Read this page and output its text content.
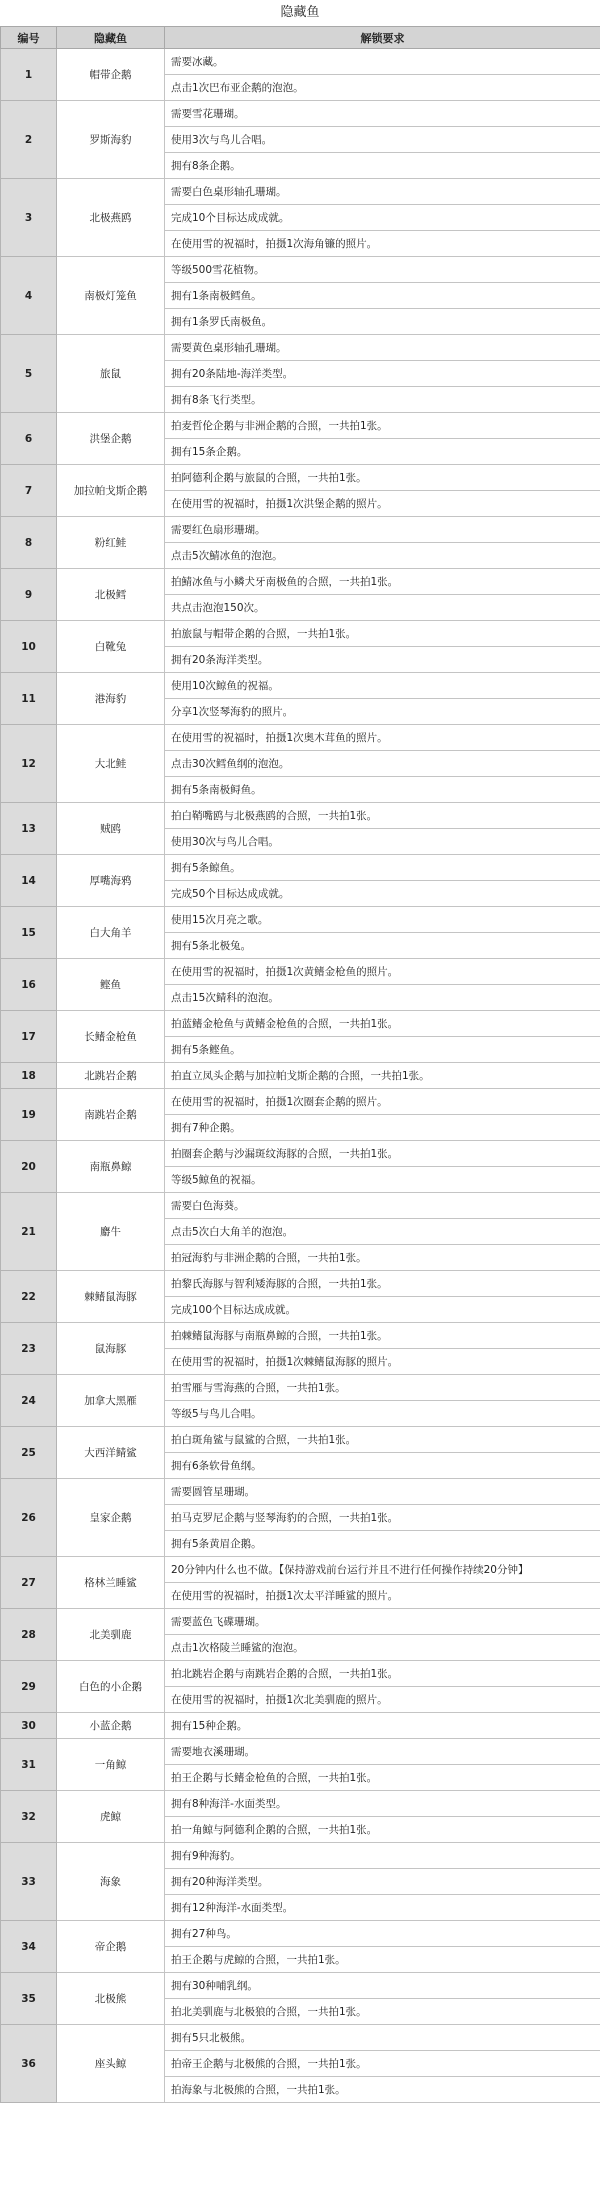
隐藏鱼
编号	隐藏鱼	解锁要求
1	帽带企鹅	需要冰藏。
		点击1次巴布亚企鹅的泡泡。
2	罗斯海豹	需要雪花珊瑚。
		使用3次与鸟儿合唱。
		拥有8条企鹅。
3	北极燕鸥	需要白色桌形轴孔珊瑚。
		完成10个目标达成成就。
		在使用雪的祝福时，拍摄1次海角镰的照片。
4	南极灯笼鱼	等级500雪花植物。
		拥有1条南极鳕鱼。
		拥有1条罗氏南极鱼。
5	旅鼠	需要黄色桌形轴孔珊瑚。
		拥有20条陆地-海洋类型。
		拥有8条飞行类型。
6	洪堡企鹅	拍麦哲伦企鹅与非洲企鹅的合照，一共拍1张。
		拥有15条企鹅。
7	加拉帕戈斯企鹅	拍阿德利企鹅与旅鼠的合照，一共拍1张。
		在使用雪的祝福时，拍摄1次洪堡企鹅的照片。
8	粉红鲑	需要红色扇形珊瑚。
		点击5次鯖冰鱼的泡泡。
9	北极鳕	拍鯖冰鱼与小鳞犬牙南极鱼的合照，一共拍1张。
		共点击泡泡150次。
10	白靴兔	拍旅鼠与帽带企鹅的合照，一共拍1张。
		拥有20条海洋类型。
11	港海豹	使用10次鲸鱼的祝福。
		分享1次竖琴海豹的照片。
12	大北鲑	在使用雪的祝福时，拍摄1次奥木茸鱼的照片。
		点击30次鳕鱼纲的泡泡。
		拥有5条南极鲟鱼。
13	贼鸥	拍白鞘嘴鸥与北极燕鸥的合照，一共拍1张。
		使用30次与鸟儿合唱。
14	厚嘴海鸦	拥有5条鲸鱼。
		完成50个目标达成成就。
15	白大角羊	使用15次月亮之歌。
		拥有5条北极兔。
16	鲣鱼	在使用雪的祝福时，拍摄1次黄鳍金枪鱼的照片。
		点击15次鲭科的泡泡。
17	长鳍金枪鱼	拍蓝鳍金枪鱼与黄鳍金枪鱼的合照，一共拍1张。
		拥有5条鲣鱼。
18	北跳岩企鹅	拍直立凤头企鹅与加拉帕戈斯企鹅的合照，一共拍1张。
19	南跳岩企鹅	在使用雪的祝福时，拍摄1次圈套企鹅的照片。
		拥有7种企鹅。
20	南瓶鼻鲸	拍圈套企鹅与沙漏斑纹海豚的合照，一共拍1张。
		等级5鲸鱼的祝福。
21	麝牛	需要白色海葵。
		点击5次白大角羊的泡泡。
		拍冠海豹与非洲企鹅的合照，一共拍1张。
22	棘鳍鼠海豚	拍黎氏海豚与智利矮海豚的合照，一共拍1张。
		完成100个目标达成成就。
23	鼠海豚	拍棘鳍鼠海豚与南瓶鼻鲸的合照，一共拍1张。
		在使用雪的祝福时，拍摄1次棘鳍鼠海豚的照片。
24	加拿大黑雁	拍雪雁与雪海燕的合照，一共拍1张。
		等级5与鸟儿合唱。
25	大西洋鲭鲨	拍白斑角鲨与鼠鲨的合照，一共拍1张。
		拥有6条软骨鱼纲。
26	皇家企鹅	需要圆管星珊瑚。
		拍马克罗尼企鹅与竖琴海豹的合照，一共拍1张。
		拥有5条黄眉企鹅。
27	格林兰睡鲨	20分钟内什么也不做。【保持游戏前台运行并且不进行任何操作持续20分钟】
		在使用雪的祝福时，拍摄1次太平洋睡鲨的照片。
28	北美驯鹿	需要蓝色飞碟珊瑚。
		点击1次格陵兰睡鲨的泡泡。
29	白色的小企鹅	拍北跳岩企鹅与南跳岩企鹅的合照，一共拍1张。
		在使用雪的祝福时，拍摄1次北美驯鹿的照片。
30	小蓝企鹅	拥有15种企鹅。
31	一角鲸	需要地衣溪珊瑚。
		拍王企鹅与长鳍金枪鱼的合照，一共拍1张。
32	虎鲸	拥有8种海洋-水面类型。
		拍一角鲸与阿德利企鹅的合照，一共拍1张。
33	海象	拥有9种海豹。
		拥有20种海洋类型。
		拥有12种海洋-水面类型。
34	帝企鹅	拥有27种鸟。
		拍王企鹅与虎鲸的合照，一共拍1张。
35	北极熊	拥有30种哺乳纲。
		拍北美驯鹿与北极狼的合照，一共拍1张。
36	座头鲸	拥有5只北极熊。
		拍帝王企鹅与北极熊的合照，一共拍1张。
		拍海象与北极熊的合照，一共拍1张。
